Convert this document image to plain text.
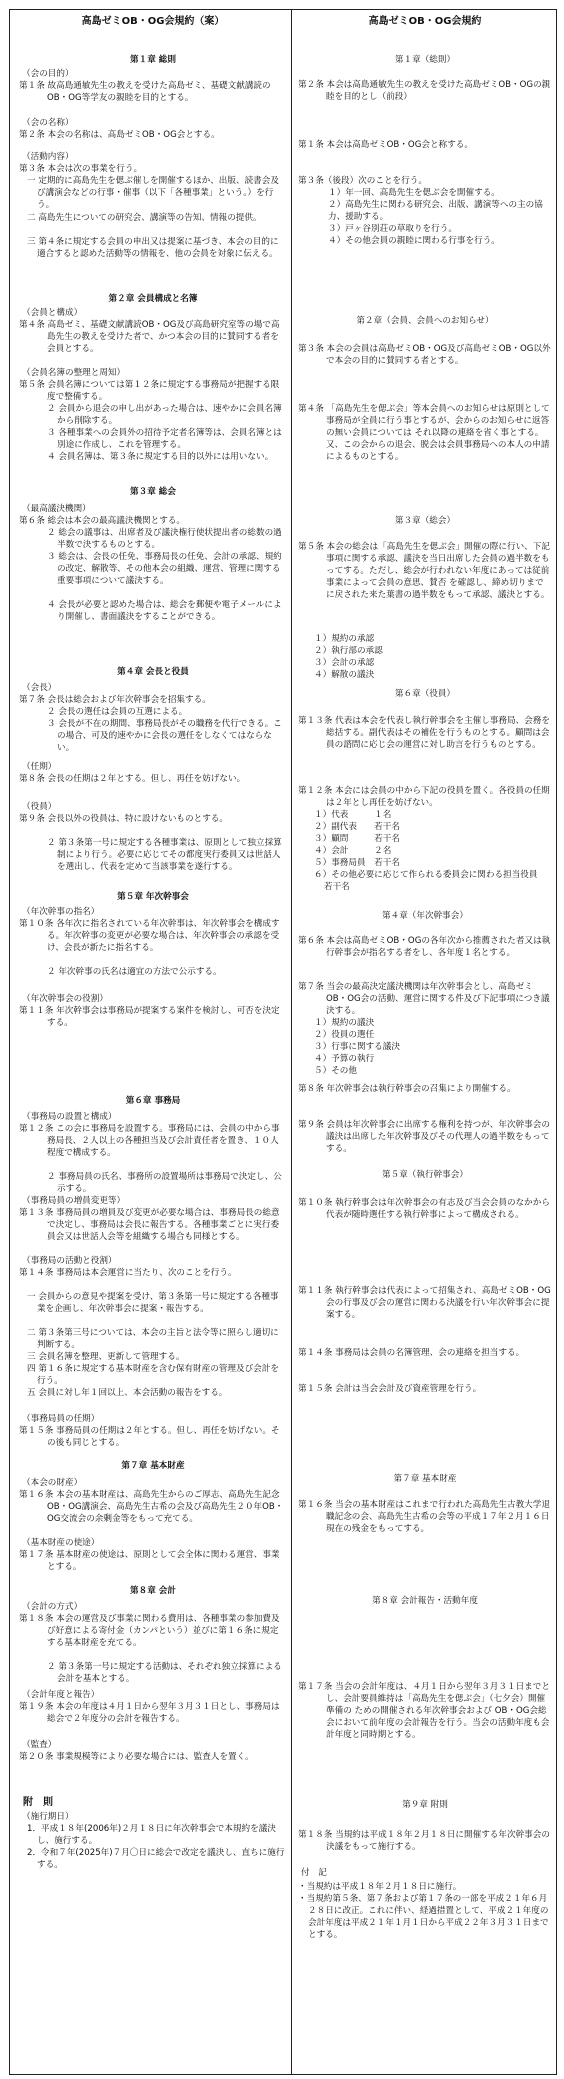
高島ゼミOB・OG会規約（案）
第１章 総則
（会の目的）
第１条 故高島通敏先生の教えを受けた高島ゼミ、基礎文献講読のOB・OG等学友の親睦を目的とする。
（会の名称）
第２条 本会の名称は、高島ゼミOB・OG会とする。
（活動内容）
第３条 本会は次の事業を行う。
一 定期的に高島先生を偲ぶ催しを開催するほか、出版、読書会及び講演会などの行事・催事（以下「各種事業」という。）を行う。
二 高島先生についての研究会、講演等の告知、情報の提供。
三 第４条に規定する会員の申出又は提案に基づき、本会の目的に適合すると認めた活動等の情報を、他の会員を対象に伝える。
第２章 会員構成と名簿
（会員と構成）
第４条 高島ゼミ、基礎文献講読OB・OG及び高島研究室等の場で高島先生の教えを受けた者で、かつ本会の目的に賛同する者を会員とする。
（会員名簿の整理と周知）
第５条 会員名簿については第１２条に規定する事務局が把握する限度で整備する。
２ 会員から退会の申し出があった場合は、速やかに会員名簿から削除する。
３ 各種事業への会員外の招待予定者名簿等は、会員名簿とは別途に作成し、これを管理する。
４ 会員名簿は、第３条に規定する目的以外には用いない。
第３章 総会
（最高議決機関）
第６条 総会は本会の最高議決機関とする。
２ 総会の議事は、出席者及び議決権行使状提出者の総数の過半数で決するものとする。
３ 総会は、会長の任免、事務局長の任免、会計の承認、規約の改定、解散等、その他本会の組織、運営、管理に関する重要事項について議決する。
４ 会長が必要と認めた場合は、総会を郵便や電子メールにより開催し、書面議決をすることができる。
第４章 会長と役員
（会長）
第７条 会長は総会および年次幹事会を招集する。
２ 会長の選任は会員の互選による。
３ 会長が不在の期間、事務局長がその職務を代行できる。この場合、可及的速やかに会長の選任をしなくてはならない。
（任期）
第８条 会長の任期は２年とする。但し、再任を妨げない。
（役員）
第９条 会長以外の役員は、特に設けないものとする。
２ 第３条第一号に規定する各種事業は、原則として独立採算制により行う。必要に応じてその都度実行委員又は世話人を選出し、代表を定めて当該事業を遂行する。
第５章 年次幹事会
（年次幹事の指名）
第１０条 各年次に指名されている年次幹事は、年次幹事会を構成する。年次幹事の変更が必要な場合は、年次幹事会の承認を受け、会長が新たに指名する。
２ 年次幹事の氏名は適宜の方法で公示する。
（年次幹事会の役割）
第１１条 年次幹事会は事務局が提案する案件を検討し、可否を決定する。
第６章 事務局
（事務局の設置と構成）
第１２条 この会に事務局を設置する。事務局には、会員の中から事務局長、２人以上の各種担当及び会計責任者を置き、１０人程度で構成する。
２ 事務局員の氏名、事務所の設置場所は事務局で決定し、公示する。
（事務局員の増員変更等）
第１３条 事務局員の増員及び変更が必要な場合は、事務局長の総意で決定し、事務局は会長に報告する。各種事業ごとに実行委員会又は世話人会等を組織する場合も同様とする。
（事務局の活動と役割）
第１４条 事務局は本会運営に当たり、次のことを行う。
一 会員からの意見や提案を受け、第３条第一号に規定する各種事業を企画し、年次幹事会に提案・報告する。
二 第３条第三号については、本会の主旨と法令等に照らし適切に判断する。
三 会員名簿を整理、更新して管理する。
四 第１６条に規定する基本財産を含む保有財産の管理及び会計を行う。
五 会員に対し年１回以上、本会活動の報告をする。
（事務局員の任期）
第１５条 事務局員の任期は２年とする。但し、再任を妨げない。その後も同じとする。
第７章 基本財産
（本会の財産）
第１６条 本会の基本財産は、高島先生からのご厚志、高島先生記念OB・OG講演会、高島先生古希の会及び高島先生２０年OB・OG交流会の余剰金等をもって充てる。
（基本財産の使途）
第１７条 基本財産の使途は、原則として会全体に関わる運営、事業とする。
第８章 会計
（会計の方式）
第１８条 本会の運営及び事業に関わる費用は、各種事業の参加費及び好意による寄付金（カンパという）並びに第１６条に規定する基本財産を充てる。
２ 第３条第一号に規定する活動は、それぞれ独立採算による会計を基本とする。
（会計年度と報告）
第１９条 本会の年度は４月１日から翌年３月３１日とし、事務局は総会で２年度分の会計を報告する。
（監査）
第２０条 事業規模等により必要な場合には、監査人を置く。
附　則
（施行期日）
1．平成１８年(2006年)２月１８日に年次幹事会で本規約を議決し、施行する。
2．令和７年(2025年)７月〇日に総会で改定を議決し、直ちに施行する。
高島ゼミOB・OG会規約
第１章（総則）
第２条 本会は高島通敏先生の教えを受けた高島ゼミOB・OGの親睦を目的とし（前段）
第１条 本会は高島ゼミOB・OG会と称する。
第３条（後段）次のことを行う。
１）年一回、高島先生を偲ぶ会を開催する。
２）高島先生に関わる研究会、出版、講演等への主の協力、援助する。
３）戸ヶ谷別荘の草取りを行う。
４）その他会員の親睦に関わる行事を行う。
第２章（会員、会員へのお知らせ）
第３条 本会の会員は高島ゼミOB・OG及び高島ゼミOB・OG以外で本会の目的に賛同する者とする。
第４条 「高島先生を偲ぶ会」等本会員へのお知らせは原則として事務局が全員に行う事とするが、会からのお知らせに返答の無い会員については それ以降の連絡を省く事とする。又、この会からの退会、脱会は会員事務局への本人の申請によるものとする。
第３章（総会）
第５条 本会の総会は「高島先生を偲ぶ会」開催の際に行い、下記事項に関する承認、議決を当日出席した会員の過半数をもってする。ただし、総会が行われない年度にあっては従前事業によって会員の意思、賛否 を確認し、締め切りまでに戻された来た葉書の過半数をもって承認、議決とする。
１）規約の承認
２）執行部の承認
３）会計の承認
４）解散の議決
第６章（役員）
第１３条 代表は本会を代表し執行幹事会を主催し事務局、会務を総括する。副代表はその補佐を行うものとする。顧問は会員の諮問に応じ会の運営に対し助言を行うものとする。
第１２条 本会には会員の中から下記の役員を置く。各役員の任期は２年とし再任を妨げない。
１）代表　　　１名
２）副代表　　若干名
３）顧問　　　若干名
４）会計　　　２名
５）事務局員　若干名
６）その他必要に応じて作られる委員会に関わる担当役員　若干名
第４章（年次幹事会）
第６条 本会は高島ゼミOB・OGの各年次から推薦された者又は執行幹事会が指名する者をし、各年度１名とする。
第７条 当会の最高決定議決機関は年次幹事会とし、高島ゼミOB・OG会の活動、運営に関する件及び下記事項につき議決する。
１）規約の議決
２）役員の選任
３）行事に関する議決
４）予算の執行
５）その他
第８条 年次幹事会は執行幹事会の召集により開催する。
第９条 会員は年次幹事会に出席する権利を持つが、年次幹事会の議決は出席した年次幹事及びその代理人の過半数をもってする。
第５章（執行幹事会）
第１０条 執行幹事会は年次幹事会の有志及び当会会員のなかから代表が随時選任する執行幹事によって構成される。
第１１条 執行幹事会は代表によって招集され、高島ゼミOB・OG会の行事及び会の運営に関わる決議を行い年次幹事会に提案する。
第１４条 事務局は会員の名簿管理、会の連絡を担当する。
第１５条 会計は当会会計及び資産管理を行う。
第７章 基本財産
第１６条 当会の基本財産はこれまで行われた高島先生古教大学退職記念の会、高島先生古希の会等の平成１７年２月１６日現在の残金をもってする。
第８章 会計報告・活動年度
第１７条 当会の会計年度は、４月１日から翌年３月３１日までとし、会計要員維持は「高島先生を偲ぶ会」（七夕会）開催準備の ための開催される年次幹事会および OB・OG会総会において前年度の会計報告を行う。当会の活動年度も会計年度と同時期とする。
第９章 附則
第１８条 当規約は平成１８年２月１８日に開催する年次幹事会の決議をもって施行する。
付　記
・当規約は平成１８年２月１８日に施行。
・当規約第５条、第７条および第１７条の一部を平成２１年６月２８日に改正。これに伴い、経過措置として、平成２１年度の会計年度は平成２１年１月１日から平成２２年３月３１日までとする。
